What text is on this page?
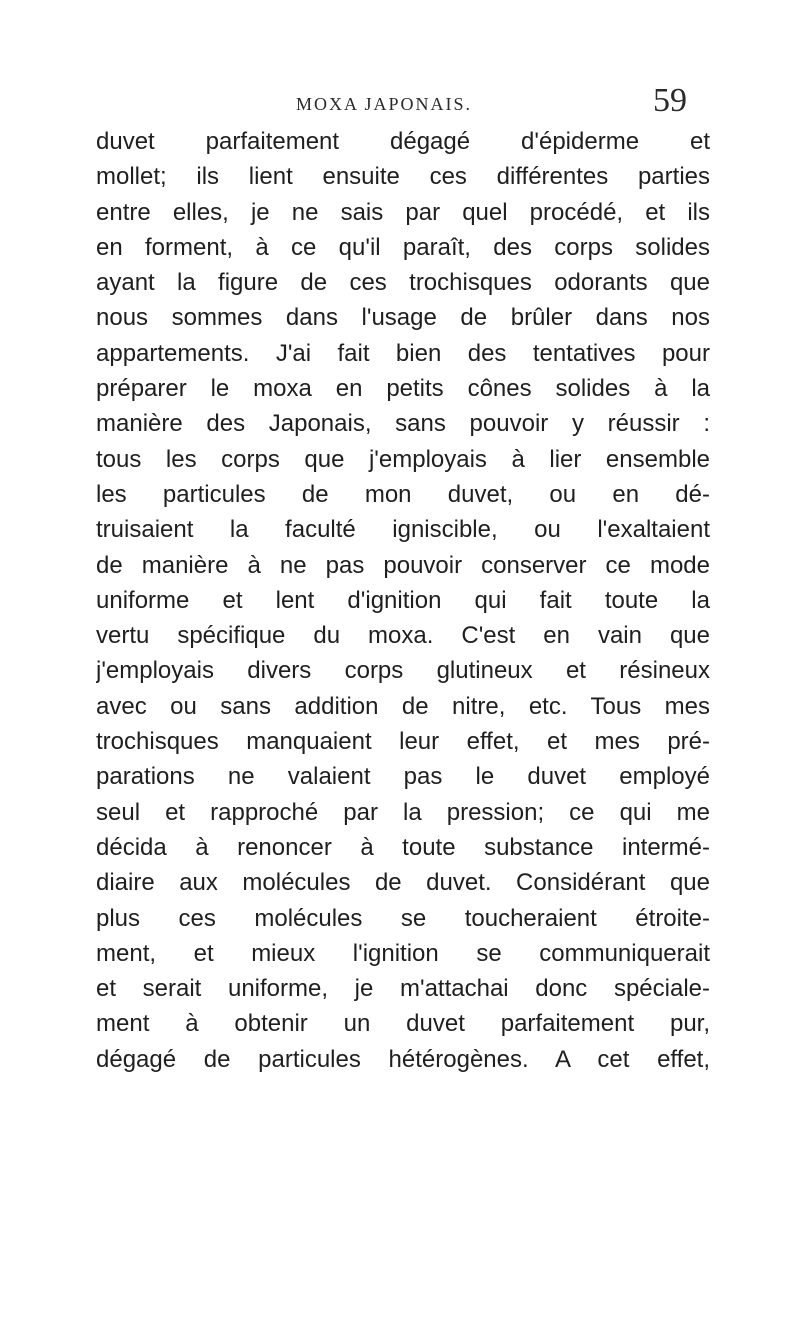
MOXA JAPONAIS.	59
duvet parfaitement dégagé d'épiderme et
mollet; ils lient ensuite ces différentes parties
entre elles, je ne sais par quel procédé, et ils
en forment, à ce qu'il paraît, des corps solides
ayant la figure de ces trochisques odorants que
nous sommes dans l'usage de brûler dans nos
appartements. J'ai fait bien des tentatives pour
préparer le moxa en petits cônes solides à la
manière des Japonais, sans pouvoir y réussir :
tous les corps que j'employais à lier ensemble
les particules de mon duvet, ou en dé-
truisaient la faculté ignisciblе, ou l'exaltaient
de manière à ne pas pouvoir conserver ce mode
uniforme et lent d'ignition qui fait toute la
vertu spécifique du moxa. C'est en vain que
j'employais divers corps glutineux et résineux
avec ou sans addition de nitre, etc. Tous mes
trochisques manquaient leur effet, et mes pré-
parations ne valaient pas le duvet employé
seul et rapproché par la pression; ce qui me
décida à renoncer à toute substance intermé-
diaire aux molécules de duvet. Considérant que
plus ces molécules se toucheraient étroite-
ment, et mieux l'ignition se communiquerait
et serait uniforme, je m'attachai donc spéciale-
ment à obtenir un duvet parfaitement pur,
dégagé de particules hétérogènes. A cet effet,
